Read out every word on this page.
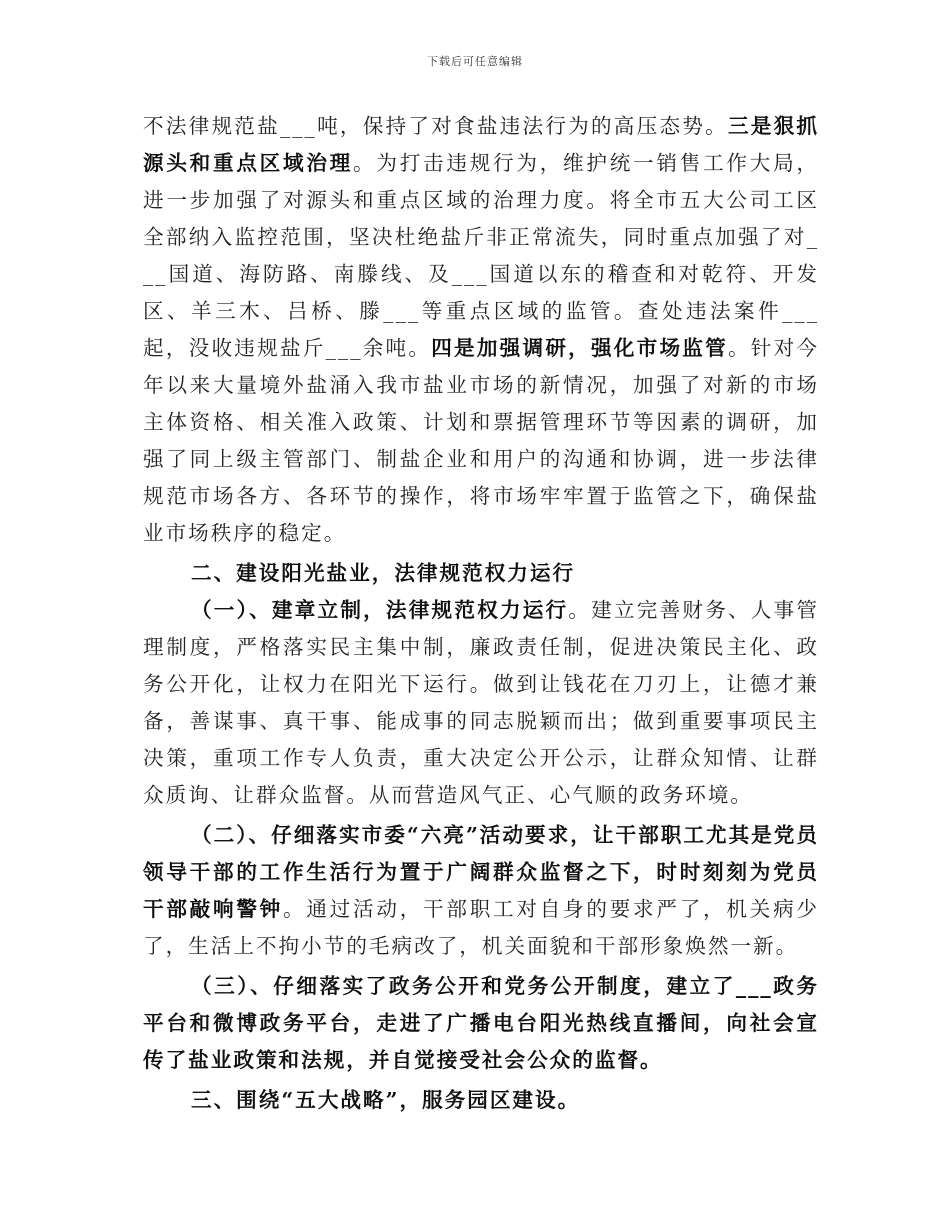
下载后可任意编辑

不法律规范盐___吨，保持了对食盐违法行为的高压态势。三是狠抓源头和重点区域治理。为打击违规行为，维护统一销售工作大局，进一步加强了对源头和重点区域的治理力度。将全市五大公司工区全部纳入监控范围，坚决杜绝盐斤非正常流失，同时重点加强了对___国道、海防路、南滕线、及___国道以东的稽查和对乾符、开发区、羊三木、吕桥、滕___等重点区域的监管。查处违法案件___起，没收违规盐斤___余吨。四是加强调研，强化市场监管。针对今年以来大量境外盐涌入我市盐业市场的新情况，加强了对新的市场主体资格、相关准入政策、计划和票据管理环节等因素的调研，加强了同上级主管部门、制盐企业和用户的沟通和协调，进一步法律规范市场各方、各环节的操作，将市场牢牢置于监管之下，确保盐业市场秩序的稳定。

二、建设阳光盐业，法律规范权力运行

（一）、建章立制，法律规范权力运行。建立完善财务、人事管理制度，严格落实民主集中制，廉政责任制，促进决策民主化、政务公开化，让权力在阳光下运行。做到让钱花在刀刃上，让德才兼备，善谋事、真干事、能成事的同志脱颖而出；做到重要事项民主决策，重项工作专人负责，重大决定公开公示，让群众知情、让群众质询、让群众监督。从而营造风气正、心气顺的政务环境。

（二）、仔细落实市委“六亮”活动要求，让干部职工尤其是党员领导干部的工作生活行为置于广阔群众监督之下，时时刻刻为党员干部敲响警钟。通过活动，干部职工对自身的要求严了，机关病少了，生活上不拘小节的毛病改了，机关面貌和干部形象焕然一新。

（三）、仔细落实了政务公开和党务公开制度，建立了___政务平台和微博政务平台，走进了广播电台阳光热线直播间，向社会宣传了盐业政策和法规，并自觉接受社会公众的监督。

三、围绕“五大战略”，服务园区建设。
